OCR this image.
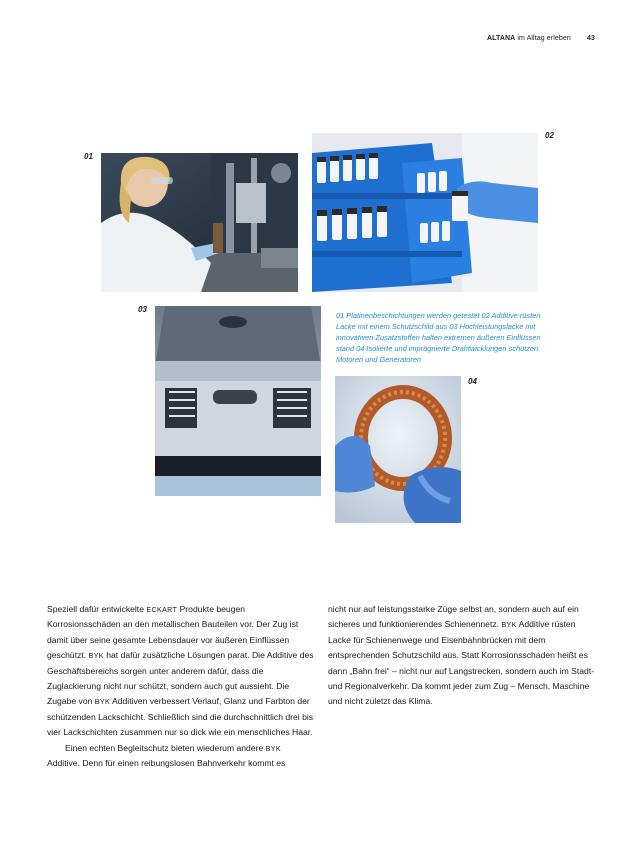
ALTANA im Alltag erleben 43
01
02
03
04
01 Platinenbeschichtungen werden getestet 02 Additive rüsten Lacke mit einem Schutzschild aus 03 Hochleistungslacke mit innovativen Zusatzstoffen halten extremen äußeren Einflüssen stand 04 Isolierte und imprägnierte Drahtwicklungen schützen Motoren und Generatoren

Speziell dafür entwickelte ECKART Produkte beugen Korrosionsschäden an den metallischen Bauteilen vor. Der Zug ist damit über seine gesamte Lebensdauer vor äußeren Einflüssen geschützt. BYK hat dafür zusätzliche Lösungen parat. Die Additive des Geschäftsbereichs sorgen unter anderem dafür, dass die Zuglackierung nicht nur schützt, sondern auch gut aussieht. Die Zugabe von BYK Additiven verbessert Verlauf, Glanz und Farbton der schützenden Lackschicht. Schließlich sind die durchschnittlich drei bis vier Lackschichten zusammen nur so dick wie ein menschliches Haar.

Einen echten Begleitschutz bieten wiederum andere BYK Additive. Denn für einen reibungslosen Bahnverkehr kommt es

nicht nur auf leistungsstarke Züge selbst an, sondern auch auf ein sicheres und funktionierendes Schienennetz. BYK Additive rüsten Lacke für Schienenwege und Eisenbahnbrücken mit dem entsprechenden Schutzschild aus. Statt Korrosionsschaden heißt es dann „Bahn frei“ – nicht nur auf Langstrecken, sondern auch im Stadt- und Regionalverkehr. Da kommt jeder zum Zug – Mensch, Maschine und nicht zuletzt das Klima.
